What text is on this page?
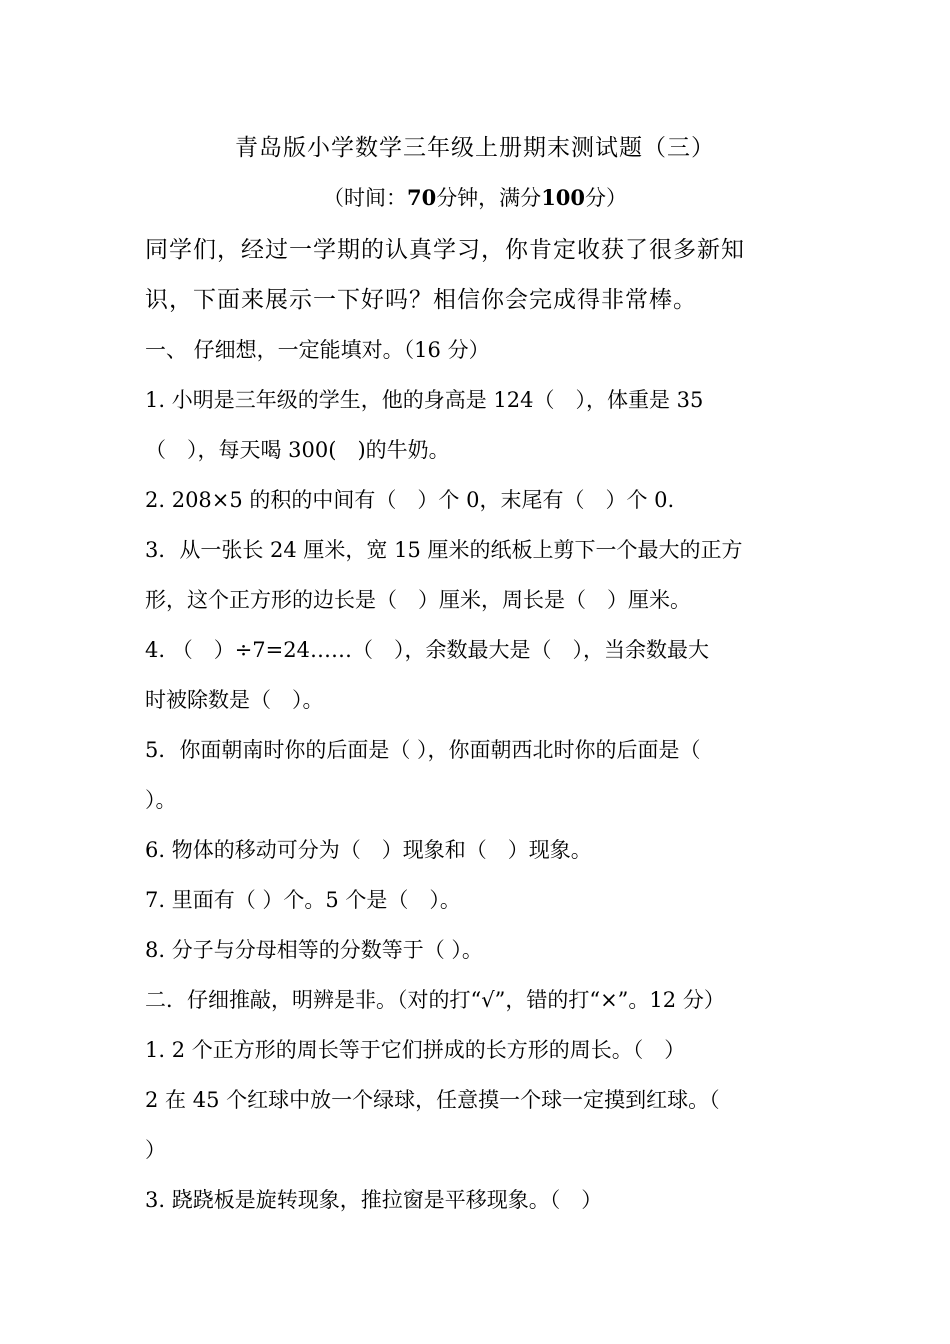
青岛版小学数学三年级上册期末测试题（三）
（时间：70分钟，满分100分）
同学们，经过一学期的认真学习，你肯定收获了很多新知
识，下面来展示一下好吗？相信你会完成得非常棒。
一、 仔细想，一定能填对。（16 分）
1. 小明是三年级的学生，他的身高是 124（　），体重是 35
（　），每天喝 300(　)的牛奶。
2. 208×5 的积的中间有（　）个 0，末尾有（　）个 0.
3．从一张长 24 厘米，宽 15 厘米的纸板上剪下一个最大的正方
形，这个正方形的边长是（　）厘米，周长是（　）厘米。
4. （　）÷7=24……（　），余数最大是（　），当余数最大
时被除数是（　）。
5．你面朝南时你的后面是（ ），你面朝西北时你的后面是（
）。
6. 物体的移动可分为（　）现象和（　）现象。
7. 里面有（ ）个。5 个是（　）。
8. 分子与分母相等的分数等于（ ）。
二．仔细推敲，明辨是非。（对的打“√”，错的打“×”。12 分）
1. 2 个正方形的周长等于它们拼成的长方形的周长。（　）
2 在 45 个红球中放一个绿球，任意摸一个球一定摸到红球。（
）
3. 跷跷板是旋转现象，推拉窗是平移现象。（　）
